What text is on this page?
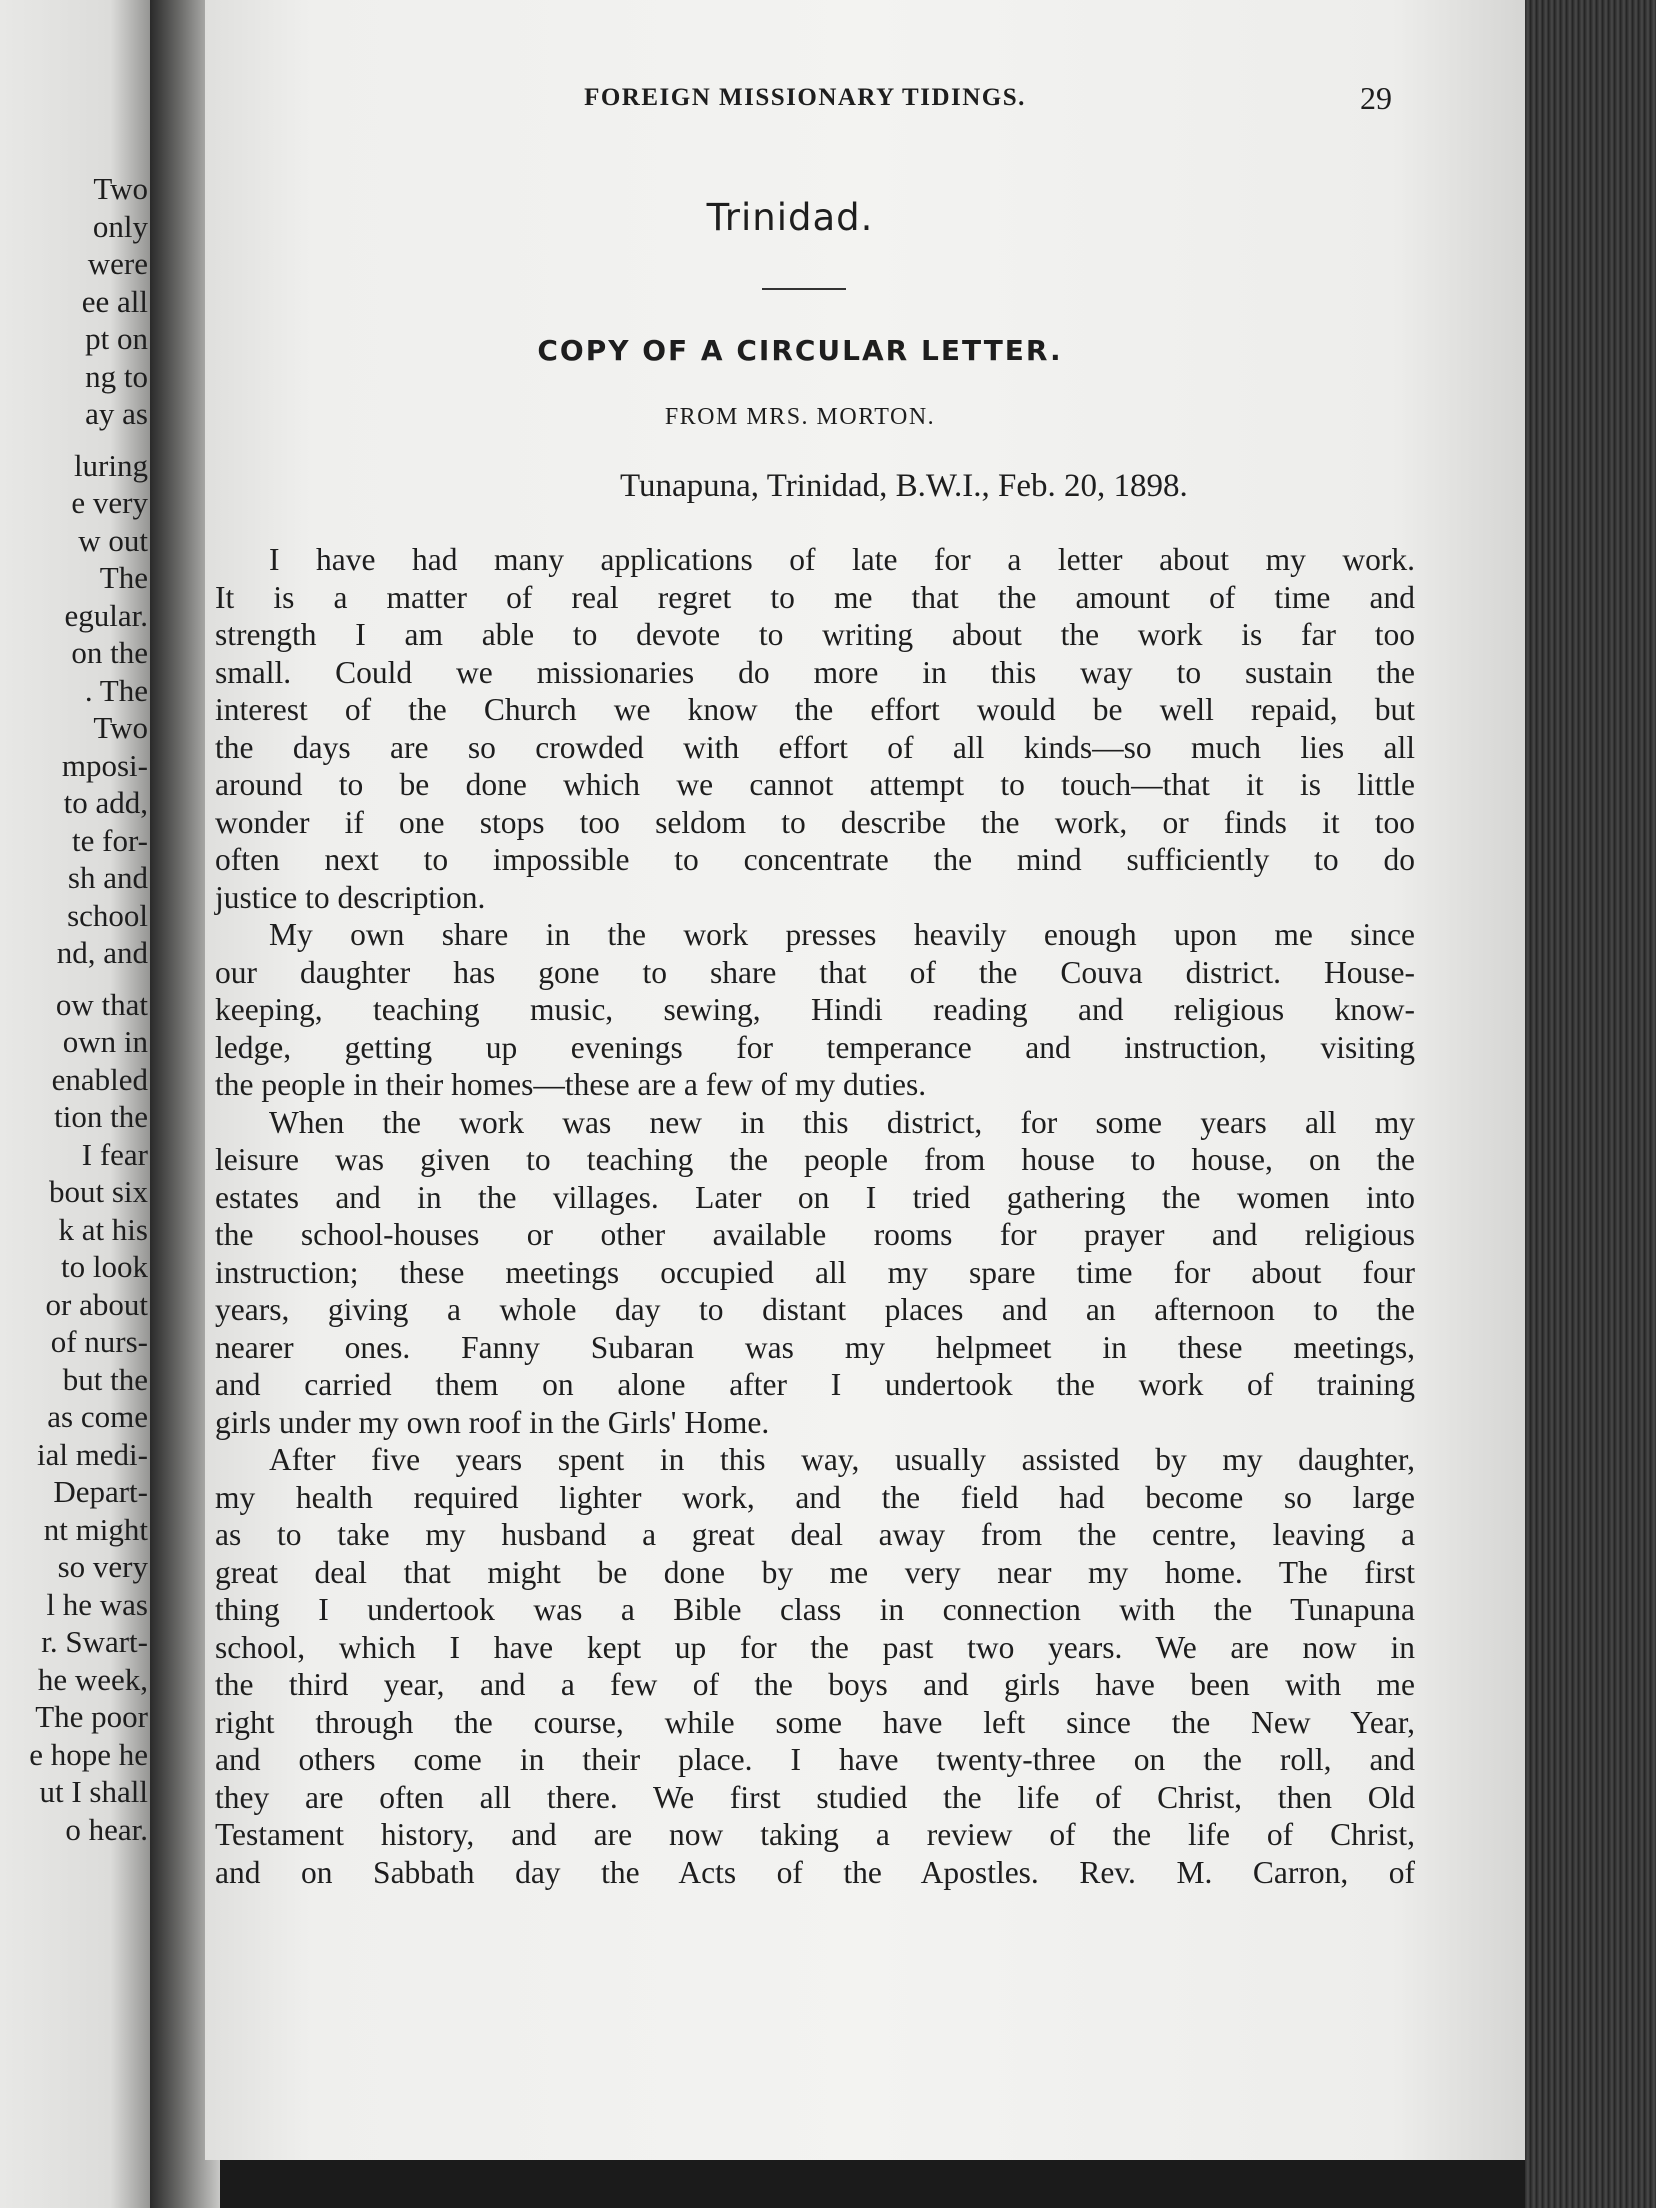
Two
only
were
ee all
pt on
ng to
ay as
luring
e very
w out
The
egular.
on the
. The
Two
mposi-
to add,
te for-
sh and
school
nd, and
ow that
own in
enabled
tion the
I fear
bout six
k at his
to look
or about
of nurs-
but the
as come
ial medi-
Depart-
nt might
so very
l he was
r. Swart-
he week,
The poor
e hope he
ut I shall
o hear.
FOREIGN MISSIONARY TIDINGS.	29
Trinidad.
COPY OF A CIRCULAR LETTER.
FROM MRS. MORTON.
Tunapuna, Trinidad, B.W.I., Feb. 20, 1898.
I have had many applications of late for a letter about my work.
It is a matter of real regret to me that the amount of time and
strength I am able to devote to writing about the work is far too
small. Could we missionaries do more in this way to sustain the
interest of the Church we know the effort would be well repaid, but
the days are so crowded with effort of all kinds—so much lies all
around to be done which we cannot attempt to touch—that it is little
wonder if one stops too seldom to describe the work, or finds it too
often next to impossible to concentrate the mind sufficiently to do
justice to description.
My own share in the work presses heavily enough upon me since
our daughter has gone to share that of the Couva district. House-
keeping, teaching music, sewing, Hindi reading and religious know-
ledge, getting up evenings for temperance and instruction, visiting
the people in their homes—these are a few of my duties.
When the work was new in this district, for some years all my
leisure was given to teaching the people from house to house, on the
estates and in the villages. Later on I tried gathering the women into
the school-houses or other available rooms for prayer and religious
instruction; these meetings occupied all my spare time for about four
years, giving a whole day to distant places and an afternoon to the
nearer ones. Fanny Subaran was my helpmeet in these meetings,
and carried them on alone after I undertook the work of training
girls under my own roof in the Girls' Home.
After five years spent in this way, usually assisted by my daughter,
my health required lighter work, and the field had become so large
as to take my husband a great deal away from the centre, leaving a
great deal that might be done by me very near my home. The first
thing I undertook was a Bible class in connection with the Tunapuna
school, which I have kept up for the past two years. We are now in
the third year, and a few of the boys and girls have been with me
right through the course, while some have left since the New Year,
and others come in their place. I have twenty-three on the roll, and
they are often all there. We first studied the life of Christ, then Old
Testament history, and are now taking a review of the life of Christ,
and on Sabbath day the Acts of the Apostles. Rev. M. Carron, of
